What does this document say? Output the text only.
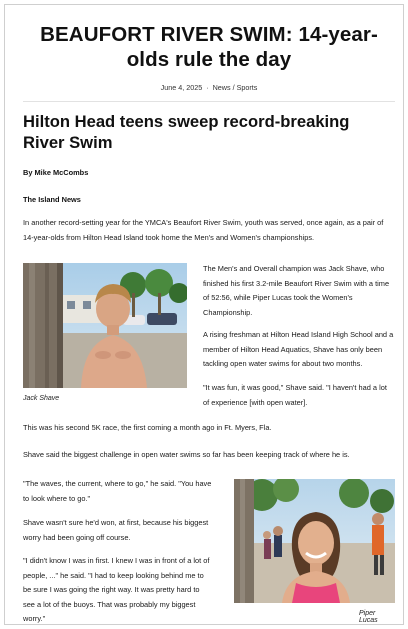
BEAUFORT RIVER SWIM: 14-year-olds rule the day
June 4, 2025 · News / Sports
Hilton Head teens sweep record-breaking River Swim
By Mike McCombs
The Island News

In another record-setting year for the YMCA's Beaufort River Swim, youth was served, once again, as a pair of 14-year-olds from Hilton Head Island took home the Men's and Women's championships.

Jack Shave

The Men's and Overall champion was Jack Shave, who finished his first 3.2-mile Beaufort River Swim with a time of 52:56, while Piper Lucas took the Women's Championship.

A rising freshman at Hilton Head Island High School and a member of Hilton Head Aquatics, Shave has only been tackling open water swims for about two months.

"It was fun, it was good," Shave said. "I haven't had a lot of experience [with open water].

This was his second 5K race, the first coming a month ago in Ft. Myers, Fla.

Shave said the biggest challenge in open water swims so far has been keeping track of where he is.

"The waves, the current, where to go," he said. "You have to look where to go."

Shave wasn't sure he'd won, at first, because his biggest worry had been going off course.

"I didn't know I was in first. I knew I was in front of a lot of people, ..." he said. "I had to keep looking behind me to be sure I was going the right way. It was pretty hard to see a lot of the buoys. That was probably my biggest worry."

Piper Lucas
